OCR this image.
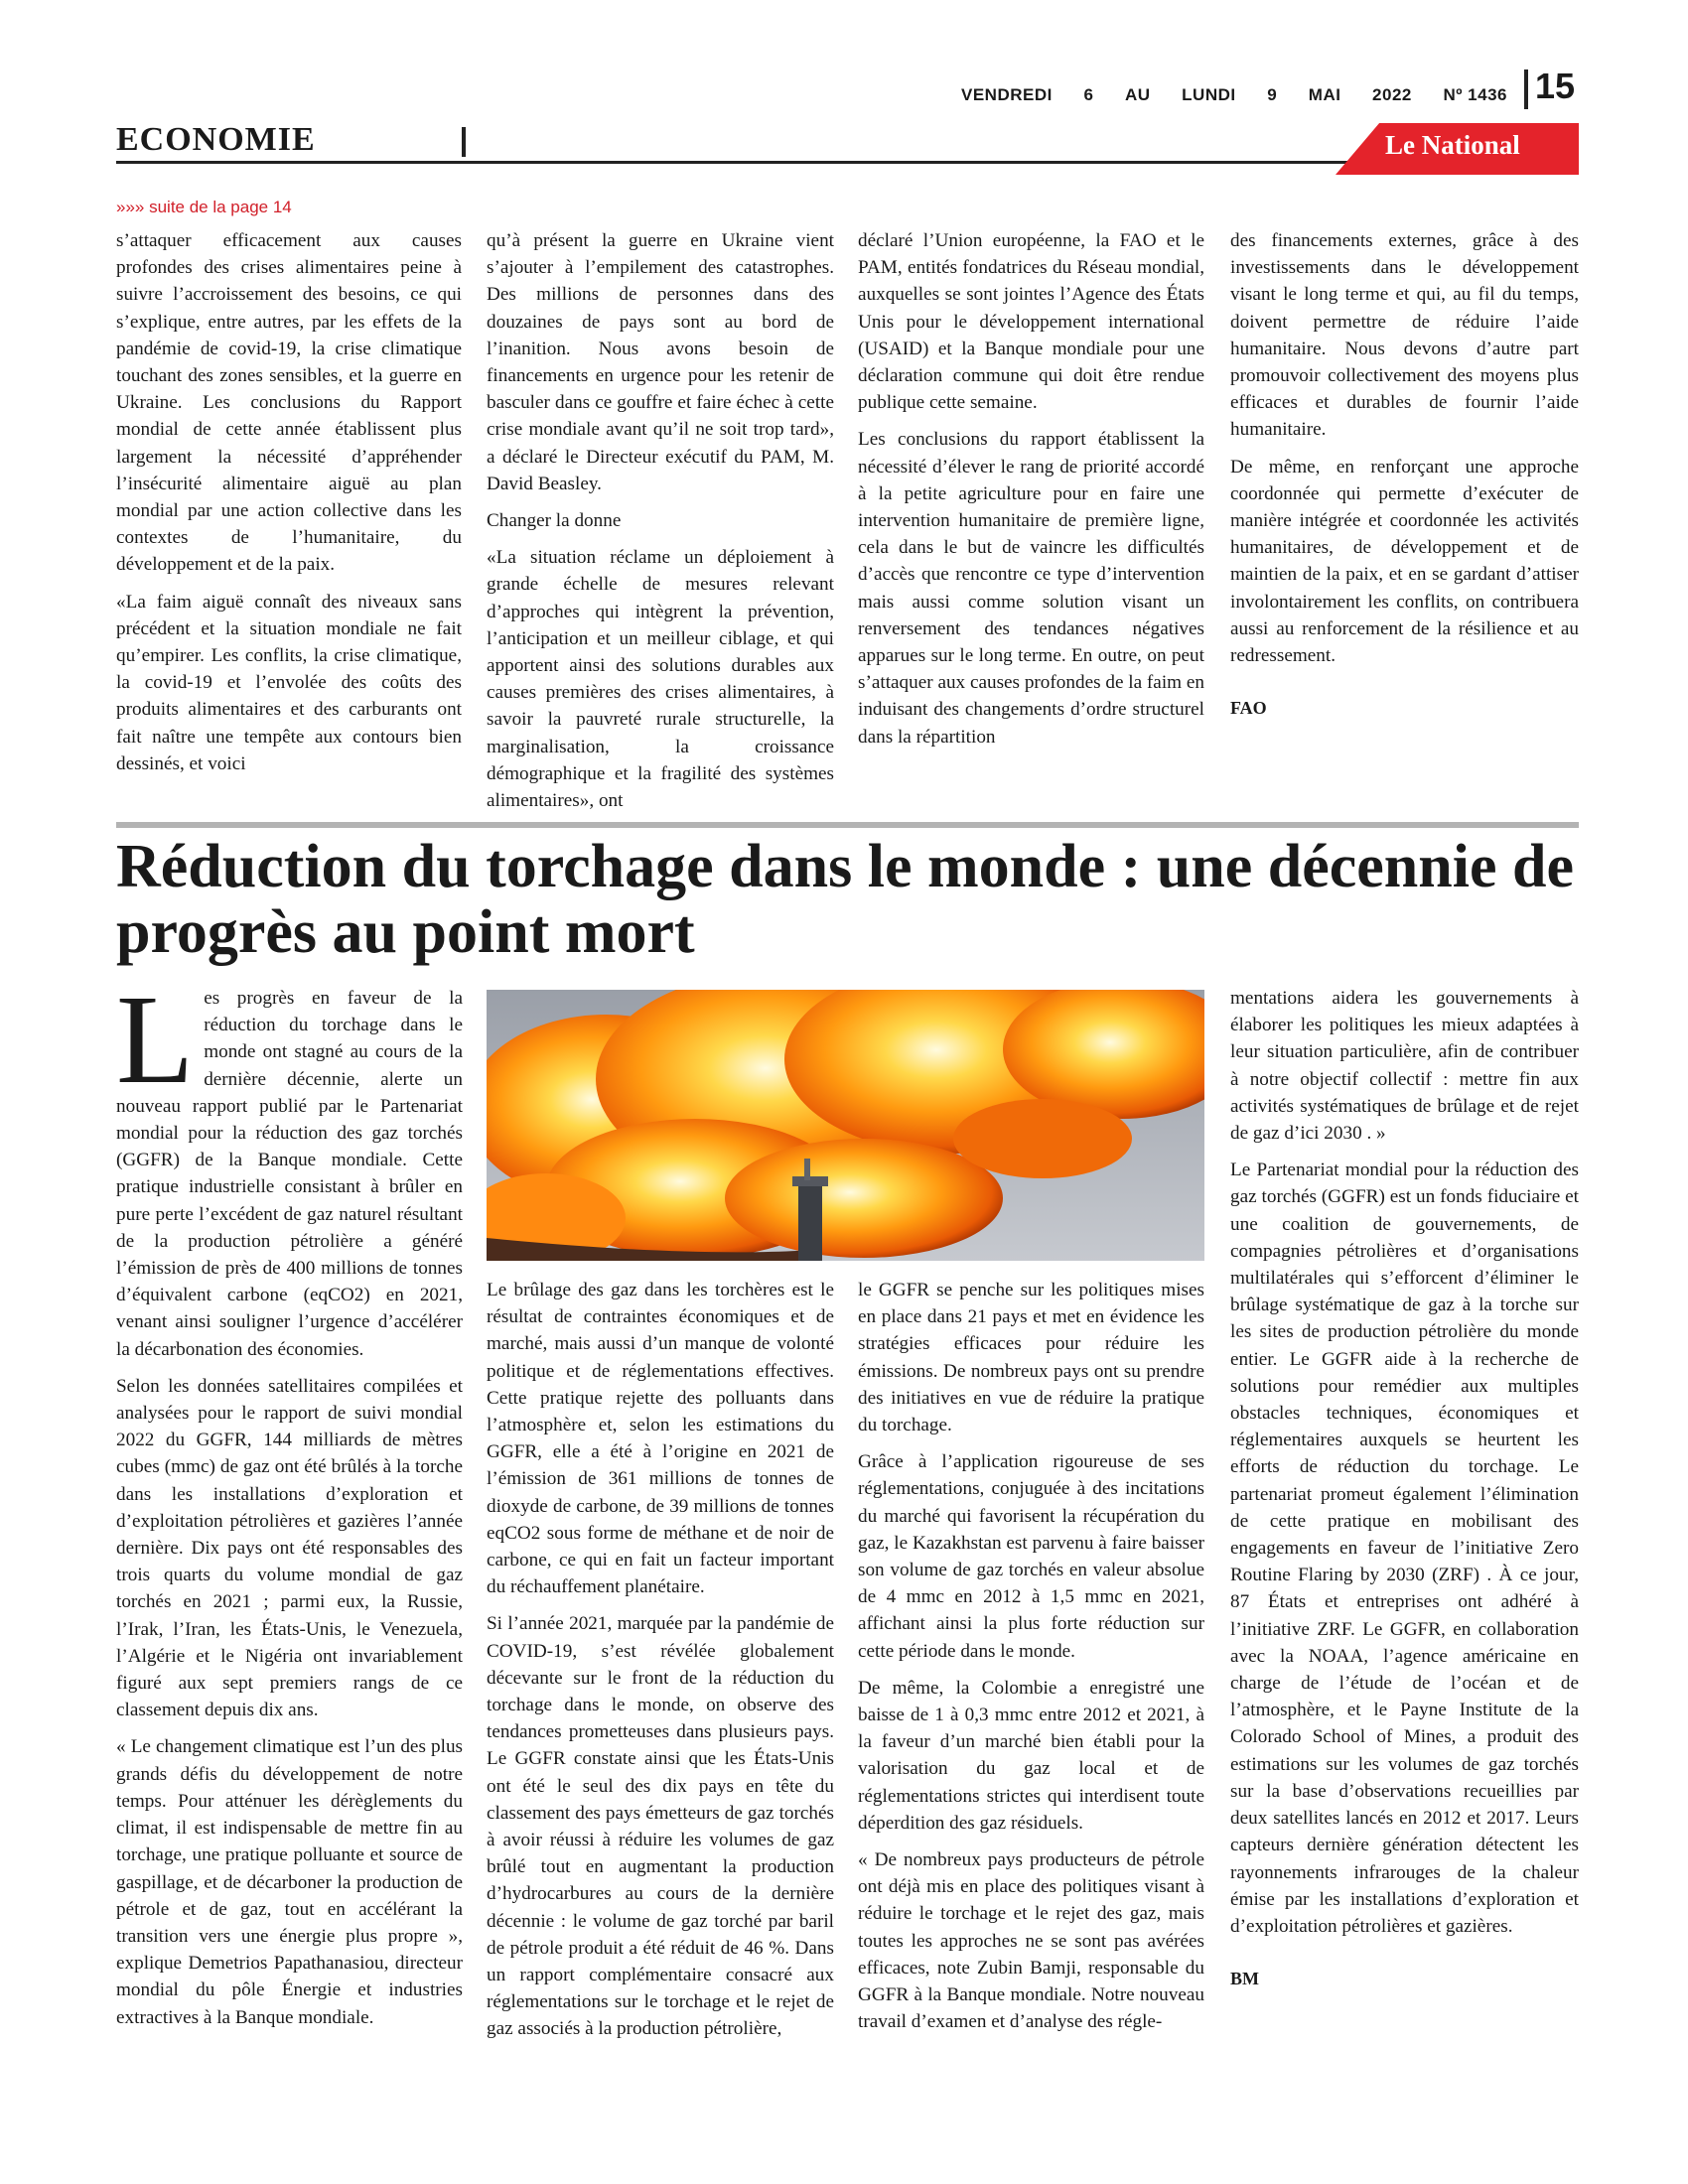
VENDREDI 6 AU LUNDI 9 MAI 2022 Nº 1436 15
ECONOMIE	Le National
»»» suite de la page 14

s’attaquer efficacement aux causes profondes des crises alimentaires peine à suivre l’accroissement des besoins, ce qui s’explique, entre autres, par les effets de la pandémie de covid-19, la crise climatique touchant des zones sensibles, et la guerre en Ukraine. Les conclusions du Rapport mondial de cette année établissent plus largement la nécessité d’appréhender l’insécurité alimentaire aiguë au plan mondial par une action collective dans les contextes de l’humanitaire, du développement et de la paix.

«La faim aiguë connaît des niveaux sans précédent et la situation mondiale ne fait qu’empirer. Les conflits, la crise climatique, la covid-19 et l’envolée des coûts des produits alimentaires et des carburants ont fait naître une tempête aux contours bien dessinés, et voici

qu’à présent la guerre en Ukraine vient s’ajouter à l’empilement des catastrophes. Des millions de personnes dans des douzaines de pays sont au bord de l’inanition. Nous avons besoin de financements en urgence pour les retenir de basculer dans ce gouffre et faire échec à cette crise mondiale avant qu’il ne soit trop tard», a déclaré le Directeur exécutif du PAM, M. David Beasley.

Changer la donne

«La situation réclame un déploiement à grande échelle de mesures relevant d’approches qui intègrent la prévention, l’anticipation et un meilleur ciblage, et qui apportent ainsi des solutions durables aux causes premières des crises alimentaires, à savoir la pauvreté rurale structurelle, la marginalisation, la croissance démographique et la fragilité des systèmes alimentaires», ont

déclaré l’Union européenne, la FAO et le PAM, entités fondatrices du Réseau mondial, auxquelles se sont jointes l’Agence des États Unis pour le développement international (USAID) et la Banque mondiale pour une déclaration commune qui doit être rendue publique cette semaine.

Les conclusions du rapport établissent la nécessité d’élever le rang de priorité accordé à la petite agriculture pour en faire une intervention humanitaire de première ligne, cela dans le but de vaincre les difficultés d’accès que rencontre ce type d’intervention mais aussi comme solution visant un renversement des tendances négatives apparues sur le long terme. En outre, on peut s’attaquer aux causes profondes de la faim en induisant des changements d’ordre structurel dans la répartition

des financements externes, grâce à des investissements dans le développement visant le long terme et qui, au fil du temps, doivent permettre de réduire l’aide humanitaire. Nous devons d’autre part promouvoir collectivement des moyens plus efficaces et durables de fournir l’aide humanitaire.

De même, en renforçant une approche coordonnée qui permette d’exécuter de manière intégrée et coordonnée les activités humanitaires, de développement et de maintien de la paix, et en se gardant d’attiser involontairement les conflits, on contribuera aussi au renforcement de la résilience et au redressement.

FAO
Réduction du torchage dans le monde : une décennie de progrès au point mort

Les progrès en faveur de la réduction du torchage dans le monde ont stagné au cours de la dernière décennie, alerte un nouveau rapport publié par le Partenariat mondial pour la réduction des gaz torchés (GGFR) de la Banque mondiale. Cette pratique industrielle consistant à brûler en pure perte l’excédent de gaz naturel résultant de la production pétrolière a généré l’émission de près de 400 millions de tonnes d’équivalent carbone (eqCO2) en 2021, venant ainsi souligner l’urgence d’accélérer la décarbonation des économies.

Selon les données satellitaires compilées et analysées pour le rapport de suivi mondial 2022 du GGFR, 144 milliards de mètres cubes (mmc) de gaz ont été brûlés à la torche dans les installations d’exploration et d’exploitation pétrolières et gazières l’année dernière. Dix pays ont été responsables des trois quarts du volume mondial de gaz torchés en 2021 ; parmi eux, la Russie, l’Irak, l’Iran, les États-Unis, le Venezuela, l’Algérie et le Nigéria ont invariablement figuré aux sept premiers rangs de ce classement depuis dix ans.

« Le changement climatique est l’un des plus grands défis du développement de notre temps. Pour atténuer les dérèglements du climat, il est indispensable de mettre fin au torchage, une pratique polluante et source de gaspillage, et de décarboner la production de pétrole et de gaz, tout en accélérant la transition vers une énergie plus propre », explique Demetrios Papathanasiou, directeur mondial du pôle Énergie et industries extractives à la Banque mondiale.

Le brûlage des gaz dans les torchères est le résultat de contraintes économiques et de marché, mais aussi d’un manque de volonté politique et de réglementations effectives. Cette pratique rejette des polluants dans l’atmosphère et, selon les estimations du GGFR, elle a été à l’origine en 2021 de l’émission de 361 millions de tonnes de dioxyde de carbone, de 39 millions de tonnes eqCO2 sous forme de méthane et de noir de carbone, ce qui en fait un facteur important du réchauffement planétaire.

Si l’année 2021, marquée par la pandémie de COVID-19, s’est révélée globalement décevante sur le front de la réduction du torchage dans le monde, on observe des tendances prometteuses dans plusieurs pays. Le GGFR constate ainsi que les États-Unis ont été le seul des dix pays en tête du classement des pays émetteurs de gaz torchés à avoir réussi à réduire les volumes de gaz brûlé tout en augmentant la production d’hydrocarbures au cours de la dernière décennie : le volume de gaz torché par baril de pétrole produit a été réduit de 46 %. Dans un rapport complémentaire consacré aux réglementations sur le torchage et le rejet de gaz associés à la production pétrolière,

le GGFR se penche sur les politiques mises en place dans 21 pays et met en évidence les stratégies efficaces pour réduire les émissions. De nombreux pays ont su prendre des initiatives en vue de réduire la pratique du torchage.

Grâce à l’application rigoureuse de ses réglementations, conjuguée à des incitations du marché qui favorisent la récupération du gaz, le Kazakhstan est parvenu à faire baisser son volume de gaz torchés en valeur absolue de 4 mmc en 2012 à 1,5 mmc en 2021, affichant ainsi la plus forte réduction sur cette période dans le monde.

De même, la Colombie a enregistré une baisse de 1 à 0,3 mmc entre 2012 et 2021, à la faveur d’un marché bien établi pour la valorisation du gaz local et de réglementations strictes qui interdisent toute déperdition des gaz résiduels.

« De nombreux pays producteurs de pétrole ont déjà mis en place des politiques visant à réduire le torchage et le rejet des gaz, mais toutes les approches ne se sont pas avérées efficaces, note Zubin Bamji, responsable du GGFR à la Banque mondiale. Notre nouveau travail d’examen et d’analyse des régle-

mentations aidera les gouvernements à élaborer les politiques les mieux adaptées à leur situation particulière, afin de contribuer à notre objectif collectif : mettre fin aux activités systématiques de brûlage et de rejet de gaz d’ici 2030 . »

Le Partenariat mondial pour la réduction des gaz torchés (GGFR) est un fonds fiduciaire et une coalition de gouvernements, de compagnies pétrolières et d’organisations multilatérales qui s’efforcent d’éliminer le brûlage systématique de gaz à la torche sur les sites de production pétrolière du monde entier. Le GGFR aide à la recherche de solutions pour remédier aux multiples obstacles techniques, économiques et réglementaires auxquels se heurtent les efforts de réduction du torchage. Le partenariat promeut également l’élimination de cette pratique en mobilisant des engagements en faveur de l’initiative Zero Routine Flaring by 2030 (ZRF) . À ce jour, 87 États et entreprises ont adhéré à l’initiative ZRF. Le GGFR, en collaboration avec la NOAA, l’agence américaine en charge de l’étude de l’océan et de l’atmosphère, et le Payne Institute de la Colorado School of Mines, a produit des estimations sur les volumes de gaz torchés sur la base d’observations recueillies par deux satellites lancés en 2012 et 2017. Leurs capteurs dernière génération détectent les rayonnements infrarouges de la chaleur émise par les installations d’exploration et d’exploitation pétrolières et gazières.

BM
